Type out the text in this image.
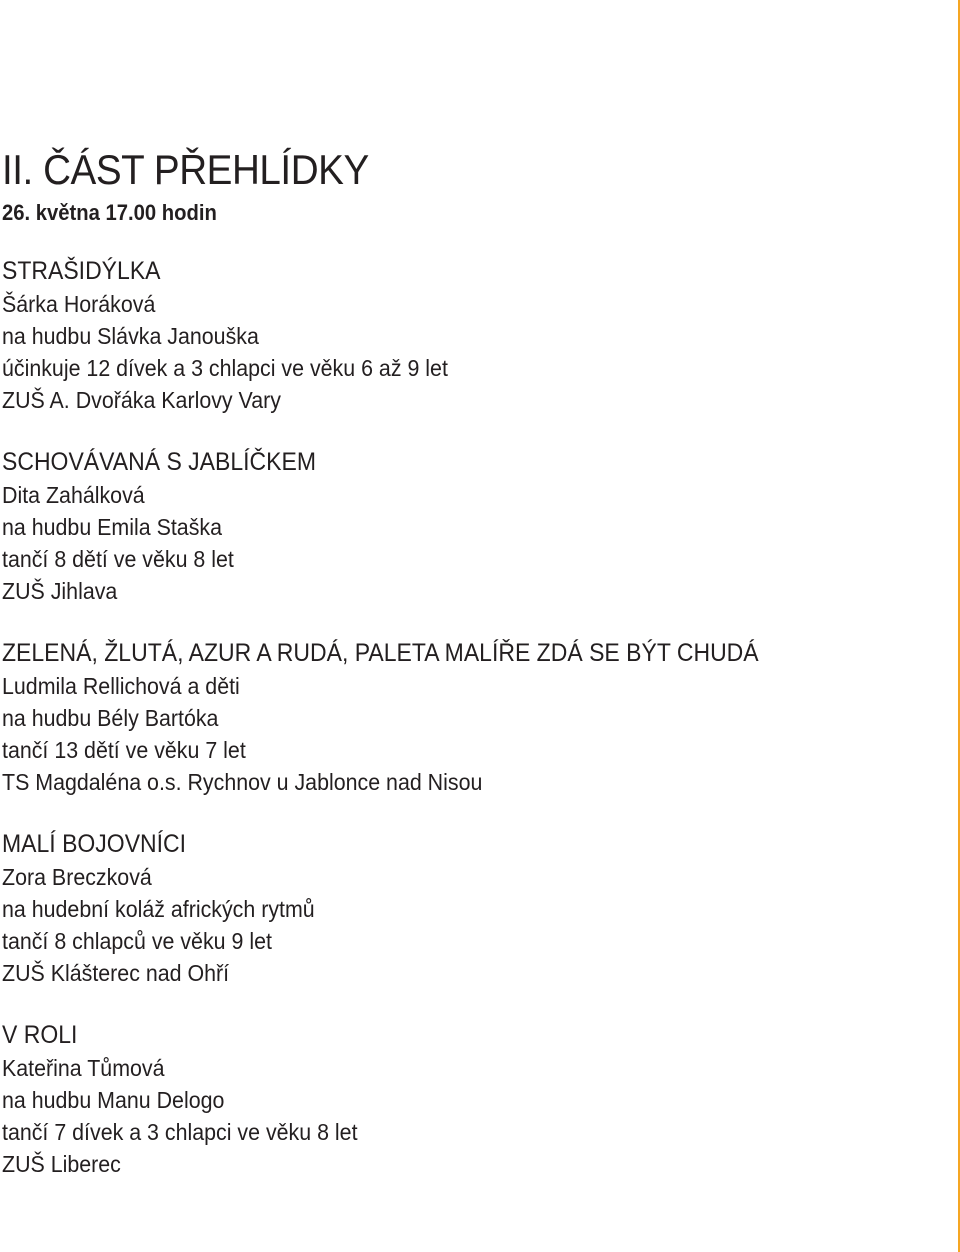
II. ČÁST PŘEHLÍDKY
26. května 17.00 hodin
STRAŠIDÝLKA
Šárka Horáková
na hudbu Slávka Janouška
účinkuje 12 dívek a 3 chlapci ve věku 6 až 9 let
ZUŠ A. Dvořáka Karlovy Vary
SCHOVÁVANÁ S JABLÍČKEM
Dita Zahálková
na hudbu Emila Staška
tančí 8 dětí ve věku 8 let
ZUŠ Jihlava
ZELENÁ, ŽLUTÁ, AZUR A RUDÁ, PALETA MALÍŘE ZDÁ SE BÝT CHUDÁ
Ludmila Rellichová a děti
na hudbu Bély Bartóka
tančí 13 dětí ve věku 7 let
TS Magdaléna o.s. Rychnov u Jablonce nad Nisou
MALÍ BOJOVNÍCI
Zora Breczková
na hudební koláž afrických rytmů
tančí 8 chlapců ve věku 9 let
ZUŠ Klášterec nad Ohří
V ROLI
Kateřina Tůmová
na hudbu Manu Delogo
tančí 7 dívek a 3 chlapci ve věku 8 let
ZUŠ Liberec
